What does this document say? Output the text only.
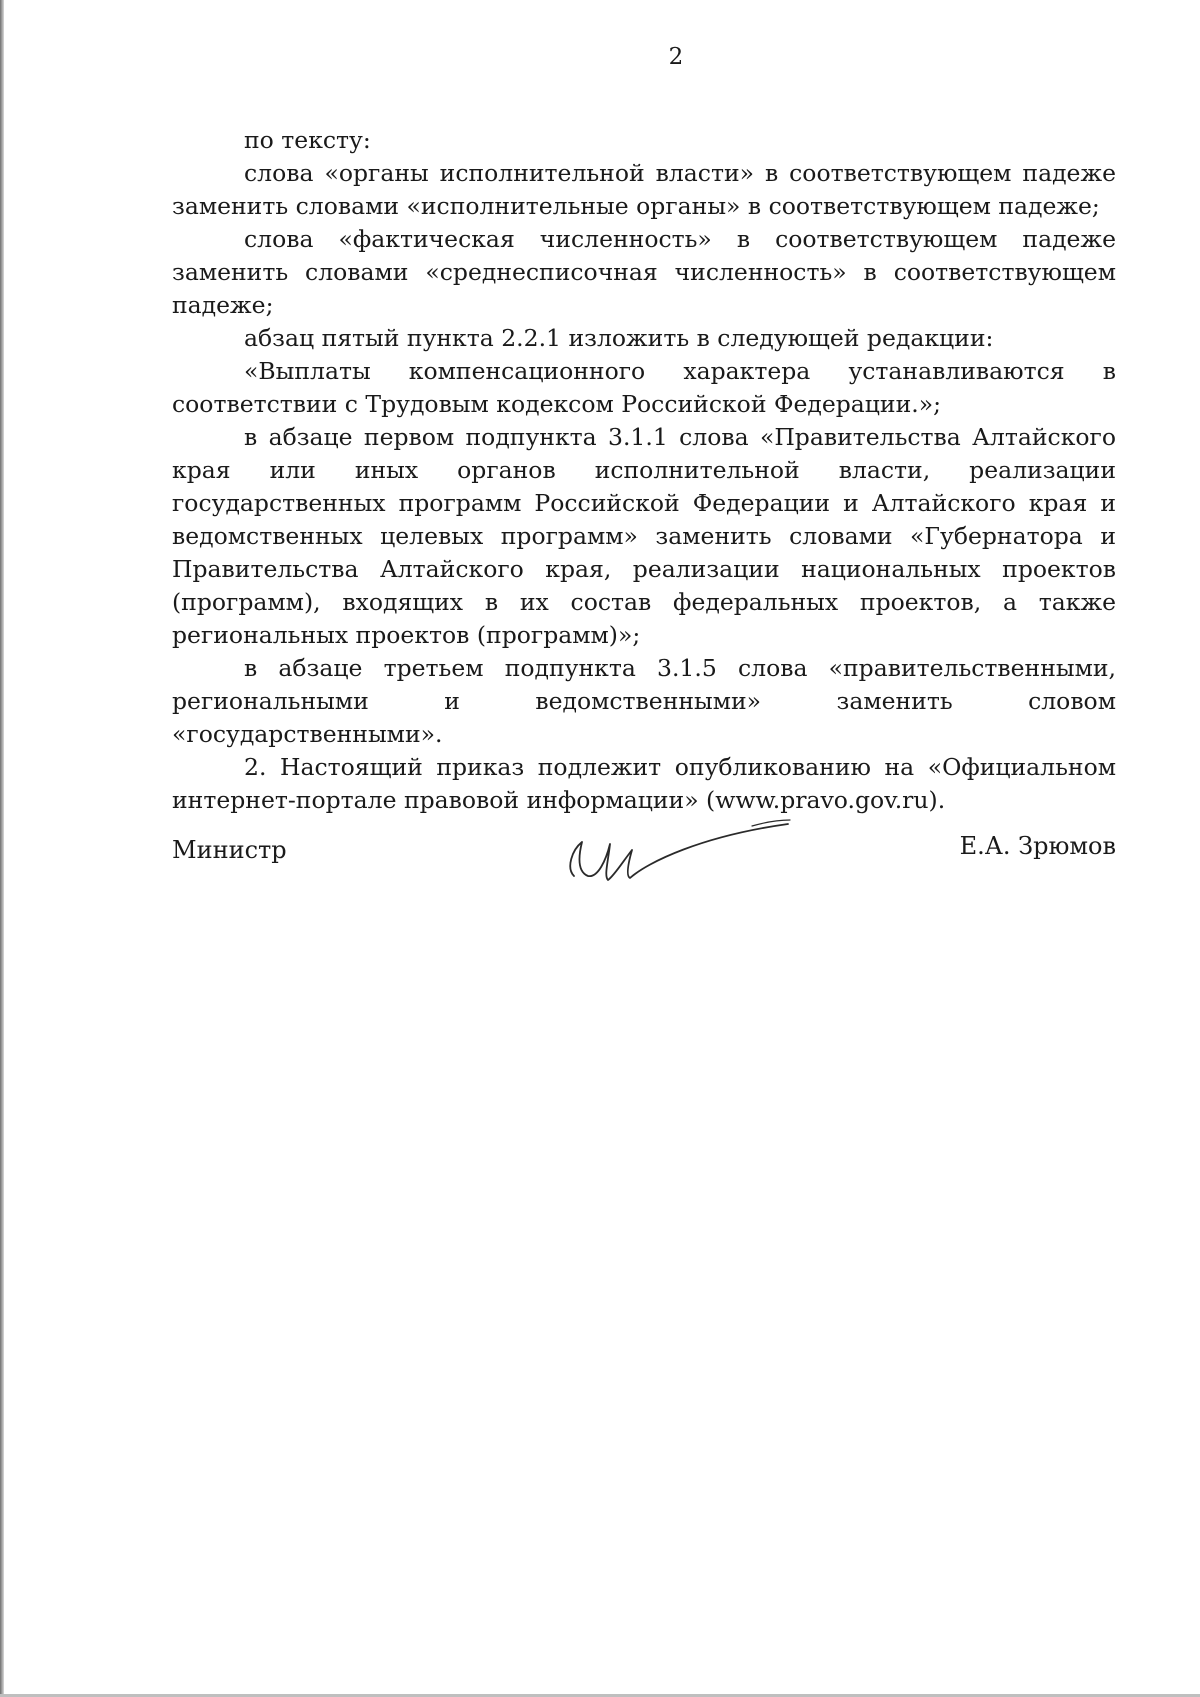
2

по тексту:

слова «органы исполнительной власти» в соответствующем падеже заменить словами «исполнительные органы» в соответствующем падеже;

слова «фактическая численность» в соответствующем падеже заменить словами «среднесписочная численность» в соответствующем падеже;

абзац пятый пункта 2.2.1 изложить в следующей редакции:

«Выплаты компенсационного характера устанавливаются в соответствии с Трудовым кодексом Российской Федерации.»;

в абзаце первом подпункта 3.1.1 слова «Правительства Алтайского края или иных органов исполнительной власти, реализации государственных программ Российской Федерации и Алтайского края и ведомственных целевых программ» заменить словами «Губернатора и Правительства Алтайского края, реализации национальных проектов (программ), входящих в их состав федеральных проектов, а также региональных проектов (программ)»;

в абзаце третьем подпункта 3.1.5 слова «правительственными, региональными и ведомственными» заменить словом «государственными».

2. Настоящий приказ подлежит опубликованию на «Официальном интернет-портале правовой информации» (www.pravo.gov.ru).

Министр	Е.А. Зрюмов
